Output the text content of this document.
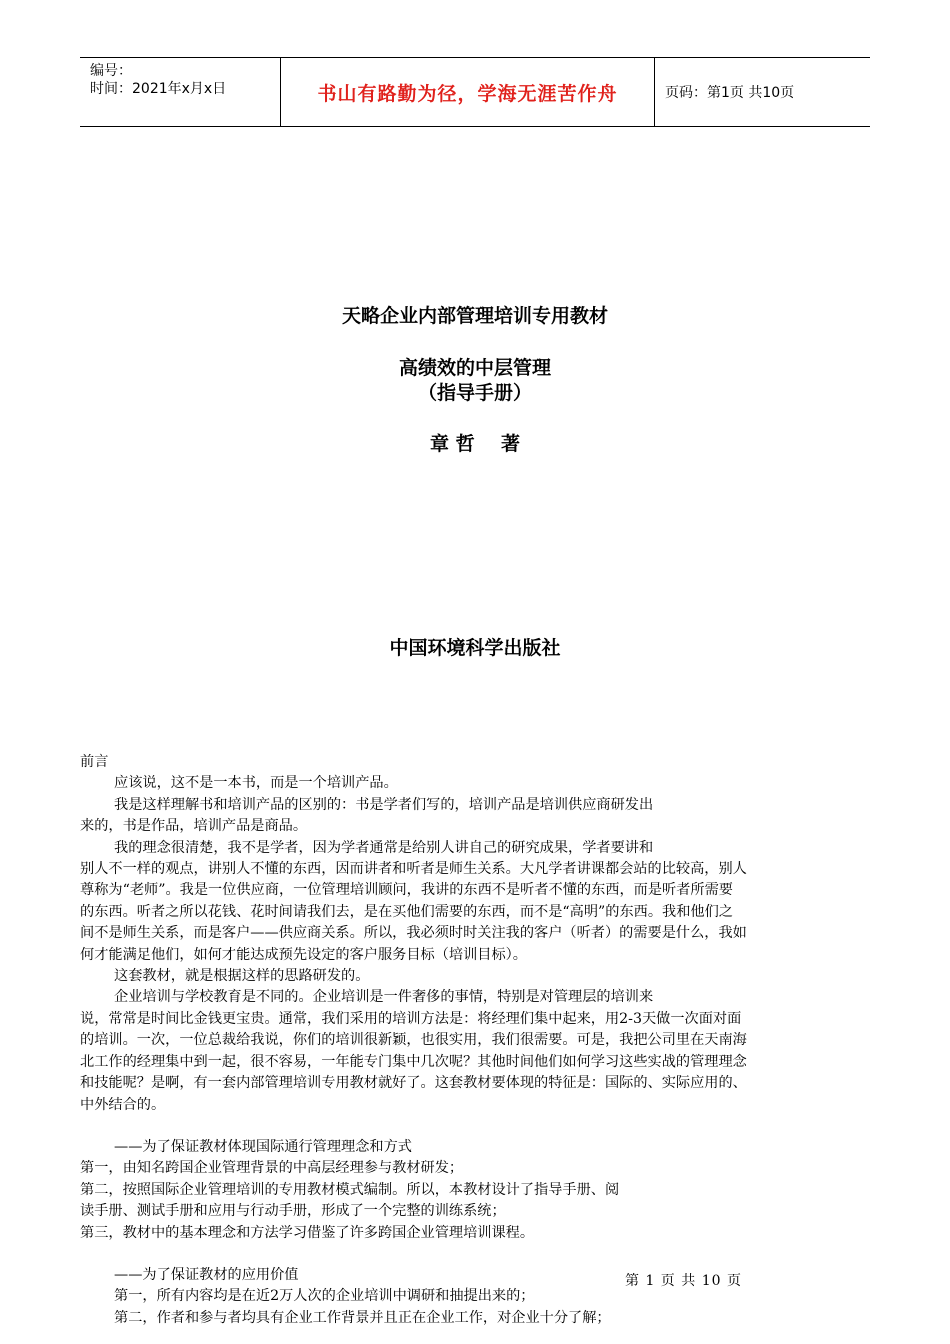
编号：
时间：2021年x月x日	书山有路勤为径，学海无涯苦作舟	页码：第1页 共10页
天略企业内部管理培训专用教材
高绩效的中层管理
（指导手册）
章 哲    著
中国环境科学出版社

前言

应该说，这不是一本书，而是一个培训产品。

我是这样理解书和培训产品的区别的：书是学者们写的，培训产品是培训供应商研发出

来的，书是作品，培训产品是商品。

我的理念很清楚，我不是学者，因为学者通常是给别人讲自己的研究成果，学者要讲和

别人不一样的观点，讲别人不懂的东西，因而讲者和听者是师生关系。大凡学者讲课都会站的比较高，别人

尊称为“老师”。我是一位供应商，一位管理培训顾问，我讲的东西不是听者不懂的东西，而是听者所需要

的东西。听者之所以花钱、花时间请我们去，是在买他们需要的东西，而不是“高明”的东西。我和他们之

间不是师生关系，而是客户——供应商关系。所以，我必须时时关注我的客户（听者）的需要是什么，我如

何才能满足他们，如何才能达成预先设定的客户服务目标（培训目标）。

这套教材，就是根据这样的思路研发的。

企业培训与学校教育是不同的。企业培训是一件奢侈的事情，特别是对管理层的培训来

说，常常是时间比金钱更宝贵。通常，我们采用的培训方法是：将经理们集中起来，用2-3天做一次面对面

的培训。一次，一位总裁给我说，你们的培训很新颖，也很实用，我们很需要。可是，我把公司里在天南海

北工作的经理集中到一起，很不容易，一年能专门集中几次呢？其他时间他们如何学习这些实战的管理理念

和技能呢？是啊，有一套内部管理培训专用教材就好了。这套教材要体现的特征是：国际的、实际应用的、

中外结合的。

——为了保证教材体现国际通行管理理念和方式

第一，由知名跨国企业管理背景的中高层经理参与教材研发；

第二，按照国际企业管理培训的专用教材模式编制。所以，本教材设计了指导手册、阅

读手册、测试手册和应用与行动手册，形成了一个完整的训练系统；

第三，教材中的基本理念和方法学习借鉴了许多跨国企业管理培训课程。

——为了保证教材的应用价值

第一，所有内容均是在近2万人次的企业培训中调研和抽提出来的；

第二，作者和参与者均具有企业工作背景并且正在企业工作，对企业十分了解；

第 1 页 共 10 页
